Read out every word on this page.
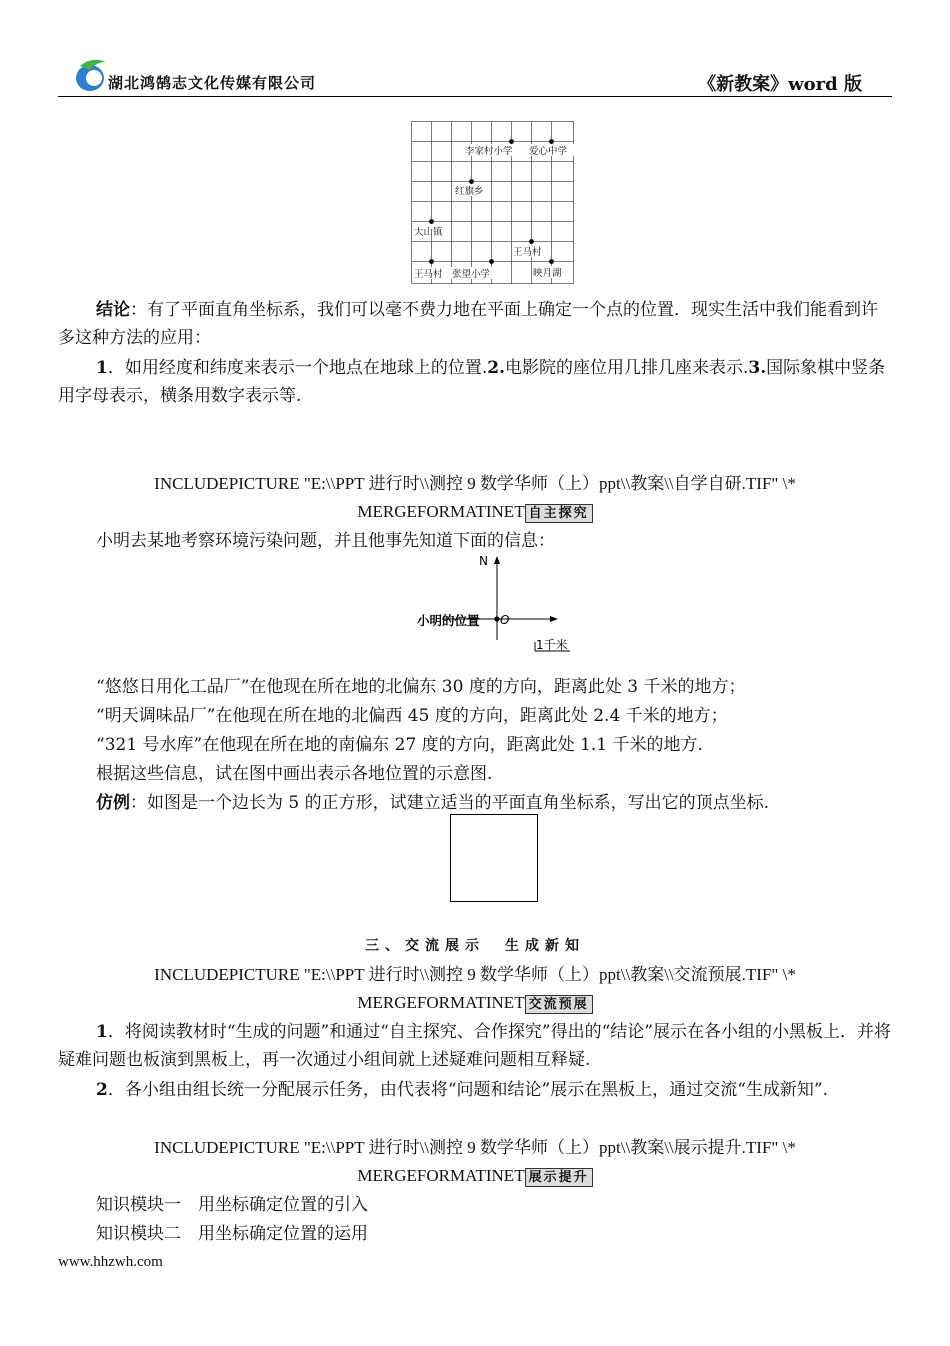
湖北鸿鹄志文化传媒有限公司	《新教案》word 版
李家村小学 爱心中学
红旗乡
大山镇
王马村
王马村 张望小学	映月湖
结论：有了平面直角坐标系，我们可以毫不费力地在平面上确定一个点的位置．现实生活中我们能看到许多这种方法的应用：
1．如用经度和纬度来表示一个地点在地球上的位置.2.电影院的座位用几排几座来表示.3.国际象棋中竖条用字母表示，横条用数字表示等.
INCLUDEPICTURE "E:\\PPT 进行时\\测控 9 数学华师（上）ppt\\教案\\自学自研.TIF" \*
MERGEFORMATINET 自主探究
小明去某地考察环境污染问题，并且他事先知道下面的信息：
N
小明的位置 O
1千米
“悠悠日用化工品厂”在他现在所在地的北偏东 30 度的方向，距离此处 3 千米的地方；
“明天调味品厂”在他现在所在地的北偏西 45 度的方向，距离此处 2.4 千米的地方；
“321 号水库”在他现在所在地的南偏东 27 度的方向，距离此处 1.1 千米的地方.
根据这些信息，试在图中画出表示各地位置的示意图.
仿例：如图是一个边长为 5 的正方形，试建立适当的平面直角坐标系，写出它的顶点坐标.
三、交流展示　生成新知
INCLUDEPICTURE "E:\\PPT 进行时\\测控 9 数学华师（上）ppt\\教案\\交流预展.TIF" \*
MERGEFORMATINET 交流预展
1．将阅读教材时“生成的问题”和通过“自主探究、合作探究”得出的“结论”展示在各小组的小黑板上．并将疑难问题也板演到黑板上，再一次通过小组间就上述疑难问题相互释疑.
2．各小组由组长统一分配展示任务，由代表将“问题和结论”展示在黑板上，通过交流“生成新知”.
INCLUDEPICTURE "E:\\PPT 进行时\\测控 9 数学华师（上）ppt\\教案\\展示提升.TIF" \*
MERGEFORMATINET 展示提升
知识模块一　用坐标确定位置的引入
知识模块二　用坐标确定位置的运用
www.hhzwh.com
